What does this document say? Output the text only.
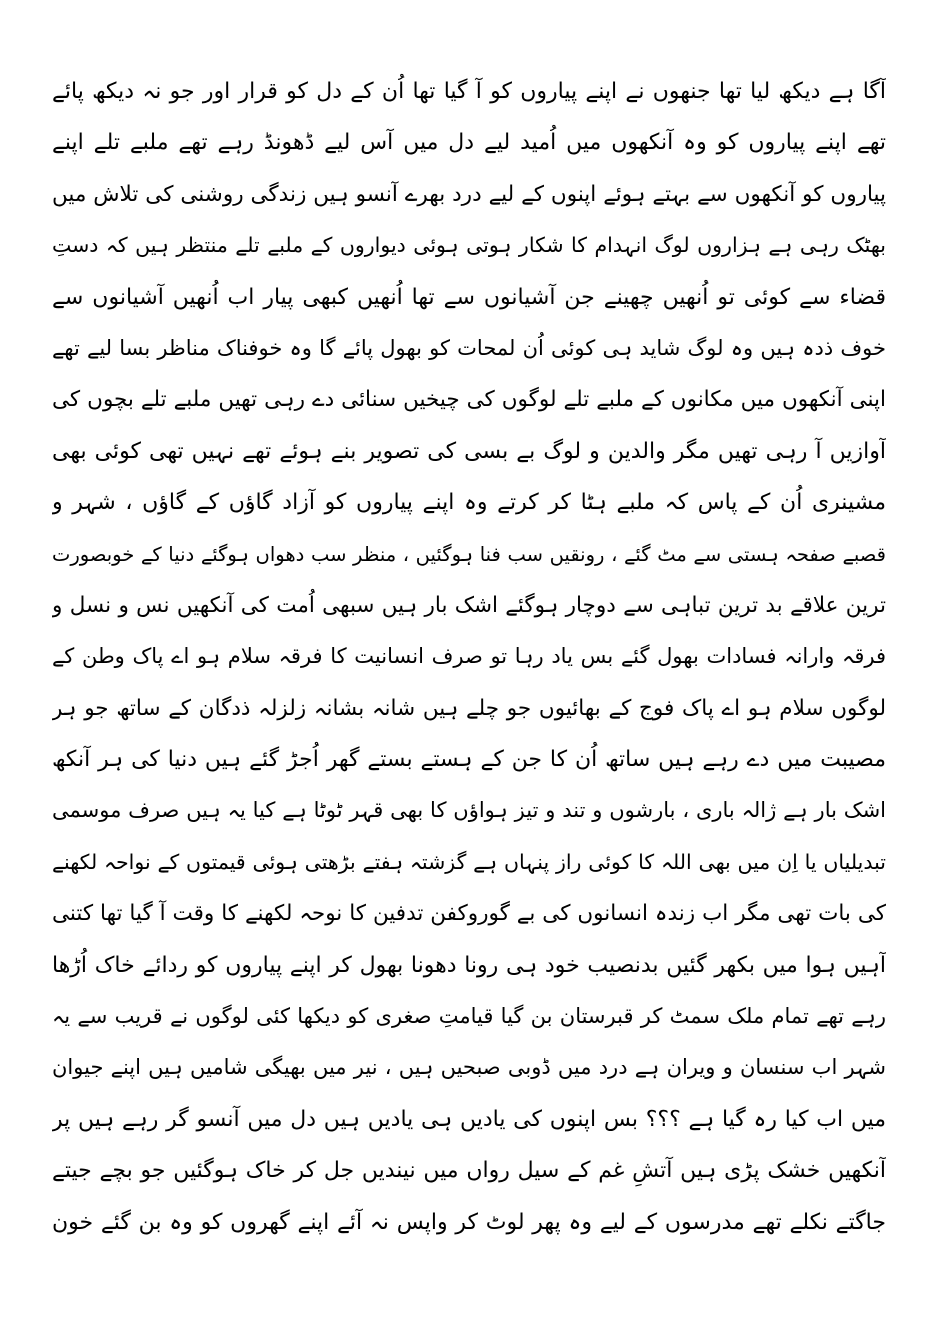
آگا ہے دیکھ لیا تھا جنھوں نے اپنے پیاروں کو آ گیا تھا اُن کے دل کو قرار اور جو نہ دیکھ پائے
تھے اپنے پیاروں کو وہ آنکھوں میں اُمید لیے دل میں آس لیے ڈھونڈ رہے تھے ملبے تلے اپنے
پیاروں کو آنکھوں سے بہتے ہوئے اپنوں کے لیے درد بھرے آنسو ہیں زندگی روشنی کی تلاش میں
بھٹک رہی ہے ہزاروں لوگ انہدام کا شکار ہوتی ہوئی دیواروں کے ملبے تلے منتظر ہیں کہ دستِ
قضاء سے کوئی تو اُنھیں چھینے جن آشیانوں سے تھا اُنھیں کبھی پیار اب اُنھیں آشیانوں سے
خوف ذدہ ہیں وہ لوگ شاید ہی کوئی اُن لمحات کو بھول پائے گا وہ خوفناک مناظر بسا لیے تھے
اپنی آنکھوں میں مکانوں کے ملبے تلے لوگوں کی چیخیں سنائی دے رہی تھیں ملبے تلے بچوں کی
آوازیں آ رہی تھیں مگر والدین و لوگ بے بسی کی تصویر بنے ہوئے تھے نہیں تھی کوئی بھی
مشینری اُن کے پاس کہ ملبے ہٹا کر کرتے وہ اپنے پیاروں کو آزاد گاؤں کے گاؤں ، شہر و
قصبے صفحہ ہستی سے مٹ گئے ، رونقیں سب فنا ہوگئیں ، منظر سب دھواں ہوگئے دنیا کے خوبصورت
ترین علاقے بد ترین تباہی سے دوچار ہوگئے اشک بار ہیں سبھی اُمت کی آنکھیں نس و نسل و
فرقہ وارانہ فسادات بھول گئے بس یاد رہا تو صرف انسانیت کا فرقہ سلام ہو اے پاک وطن کے
لوگوں سلام ہو اے پاک فوج کے بھائیوں جو چلے ہیں شانہ بشانہ زلزلہ ذدگان کے ساتھ جو ہر
مصیبت میں دے رہے ہیں ساتھ اُن کا جن کے ہستے بستے گھر اُجڑ گئے ہیں دنیا کی ہر آنکھ
اشک بار ہے ژالہ باری ، بارشوں و تند و تیز ہواؤں کا بھی قہر ٹوٹا ہے کیا یہ ہیں صرف موسمی
تبدیلیاں یا اِن میں بھی اللہ کا کوئی راز پنہاں ہے گزشتہ ہفتے بڑھتی ہوئی قیمتوں کے نواحہ لکھنے
کی بات تھی مگر اب زندہ انسانوں کی بے گوروکفن تدفین کا نوحہ لکھنے کا وقت آ گیا تھا کتنی
آہیں ہوا میں بکھر گئیں بدنصیب خود ہی رونا دھونا بھول کر اپنے پیاروں کو ردائے خاک اُڑھا
رہے تھے تمام ملک سمٹ کر قبرستان بن گیا قیامتِ صغری کو دیکھا کئی لوگوں نے قریب سے یہ
شہر اب سنسان و ویران ہے درد میں ڈوبی صبحیں ہیں ، نیر میں بھیگی شامیں ہیں اپنے جیوان
میں اب کیا رہ گیا ہے ؟؟؟ بس اپنوں کی یادیں ہی یادیں ہیں دل میں آنسو گر رہے ہیں پر
آنکھیں خشک پڑی ہیں آتشِ غم کے سیل رواں میں نیندیں جل کر خاک ہوگئیں جو بچے جیتے
جاگتے نکلے تھے مدرسوں کے لیے وہ پھر لوٹ کر واپس نہ آئے اپنے گھروں کو وہ بن گئے خون
